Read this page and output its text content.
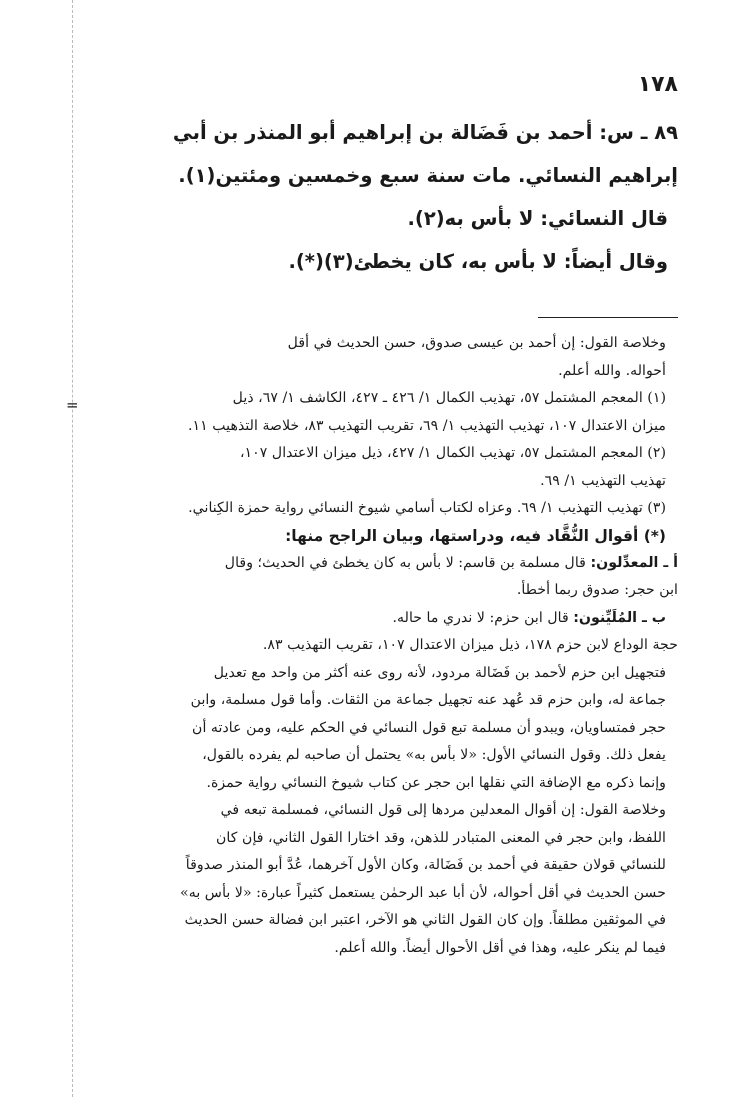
١٧٨

٨٩ ـ س: أحمد بن فَضَالة بن إبراهيم أبو المنذر بن أبي

إبراهيم النسائي. مات سنة سبع وخمسين ومئتين(١).

قال النسائي: لا بأس به(٢).

وقال أيضاً: لا بأس به، كان يخطئ(٣)(*).

=

وخلاصة القول: إن أحمد بن عيسى صدوق، حسن الحديث في أقل
أحواله. والله أعلم.

(١) المعجم المشتمل ٥٧، تهذيب الكمال ١/ ٤٢٦ ـ ٤٢٧، الكاشف ١/ ٦٧، ذيل
ميزان الاعتدال ١٠٧، تهذيب التهذيب ١/ ٦٩، تقريب التهذيب ٨٣، خلاصة التذهيب ١١.

(٢) المعجم المشتمل ٥٧، تهذيب الكمال ١/ ٤٢٧، ذيل ميزان الاعتدال ١٠٧،
تهذيب التهذيب ١/ ٦٩.

(٣) تهذيب التهذيب ١/ ٦٩. وعزاه لكتاب أسامي شيوخ النسائي رواية حمزة الكِناني.

(*) أقوال النُّقَّاد فيه، ودراستها، وبيان الراجح منها:

أ ـ المعدِّلون: قال مسلمة بن قاسم: لا بأس به كان يخطئ في الحديث؛ وقال
ابن حجر: صدوق ربما أخطأ.

ب ـ المُلَيِّنون: قال ابن حزم: لا ندري ما حاله.

حجة الوداع لابن حزم ١٧٨، ذيل ميزان الاعتدال ١٠٧، تقريب التهذيب ٨٣.

فتجهيل ابن حزم لأحمد بن فَضَالة مردود، لأنه روى عنه أكثر من واحد مع تعديل
جماعة له، وابن حزم قد عُهد عنه تجهيل جماعة من الثقات. وأما قول مسلمة، وابن
حجر فمتساويان، ويبدو أن مسلمة تبع قول النسائي في الحكم عليه، ومن عادته أن
يفعل ذلك. وقول النسائي الأول: «لا بأس به» يحتمل أن صاحبه لم يفرده بالقول،
وإنما ذكره مع الإضافة التي نقلها ابن حجر عن كتاب شيوخ النسائي رواية حمزة.

وخلاصة القول: إن أقوال المعدلين مردها إلى قول النسائي، فمسلمة تبعه في
اللفظ، وابن حجر في المعنى المتبادر للذهن، وقد اختارا القول الثاني، فإن كان
للنسائي قولان حقيقة في أحمد بن فَضَالة، وكان الأول آخرهما، عُدَّ أبو المنذر صدوقاً
حسن الحديث في أقل أحواله، لأن أبا عبد الرحمٰن يستعمل كثيراً عبارة: «لا بأس به»
في الموثقين مطلقاً. وإن كان القول الثاني هو الآخر، اعتبر ابن فضالة حسن الحديث
فيما لم ينكر عليه، وهذا في أقل الأحوال أيضاً. والله أعلم.
